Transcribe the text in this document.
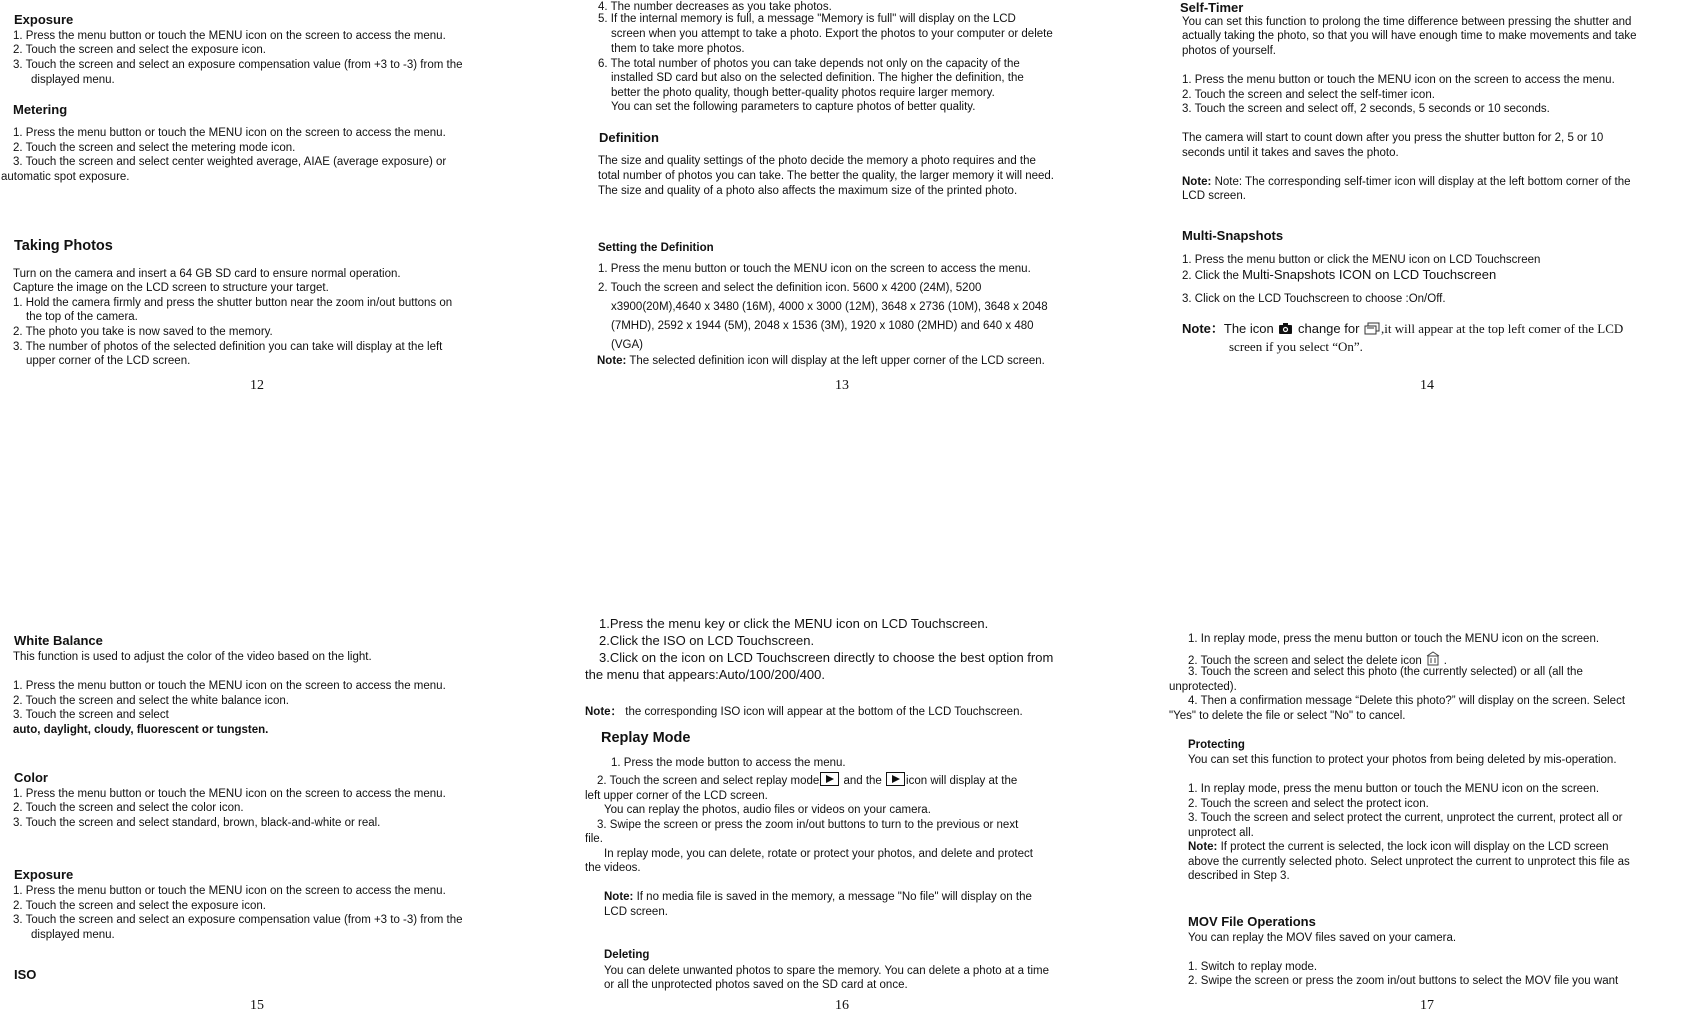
Exposure
1. Press the menu button or touch the MENU icon on the screen to access the menu.
2. Touch the screen and select the exposure icon.
3. Touch the screen and select an exposure compensation value (from +3 to -3) from the
displayed menu.
Metering
1. Press the menu button or touch the MENU icon on the screen to access the menu.
2. Touch the screen and select the metering mode icon.
3. Touch the screen and select center weighted average, AIAE (average exposure) or
automatic spot exposure.
Taking Photos
Turn on the camera and insert a 64 GB SD card to ensure normal operation.
Capture the image on the LCD screen to structure your target.
1. Hold the camera firmly and press the shutter button near the zoom in/out buttons on
the top of the camera.
2. The photo you take is now saved to the memory.
3. The number of photos of the selected definition you can take will display at the left
upper corner of the LCD screen.
12
4. The number decreases as you take photos.
5. If the internal memory is full, a message "Memory is full" will display on the LCD
screen when you attempt to take a photo. Export the photos to your computer or delete
them to take more photos.
6. The total number of photos you can take depends not only on the capacity of the
installed SD card but also on the selected definition. The higher the definition, the
better the photo quality, though better-quality photos require larger memory.
You can set the following parameters to capture photos of better quality.
Definition
The size and quality settings of the photo decide the memory a photo requires and the
total number of photos you can take. The better the quality, the larger memory it will need.
The size and quality of a photo also affects the maximum size of the printed photo.
Setting the Definition
1. Press the menu button or touch the MENU icon on the screen to access the menu.
2. Touch the screen and select the definition icon. 5600 x 4200 (24M), 5200
x3900(20M),4640 x 3480 (16M), 4000 x 3000 (12M), 3648 x 2736 (10M), 3648 x 2048
(7MHD), 2592 x 1944 (5M), 2048 x 1536 (3M), 1920 x 1080 (2MHD) and 640 x 480
(VGA)
Note: The selected definition icon will display at the left upper corner of the LCD screen.
13
Self-Timer
You can set this function to prolong the time difference between pressing the shutter and
actually taking the photo, so that you will have enough time to make movements and take
photos of yourself.
1. Press the menu button or touch the MENU icon on the screen to access the menu.
2. Touch the screen and select the self-timer icon.
3. Touch the screen and select off, 2 seconds, 5 seconds or 10 seconds.
The camera will start to count down after you press the shutter button for 2, 5 or 10
seconds until it takes and saves the photo.
Note: Note: The corresponding self-timer icon will display at the left bottom corner of the
LCD screen.
Multi-Snapshots
1. Press the menu button or click the MENU icon on LCD Touchscreen
2. Click the Multi-Snapshots ICON on LCD Touchscreen
3. Click on the LCD Touchscreen to choose :On/Off.
Note：The icon  change for ,it will appear at the top left comer of the LCD
screen if you select “On”.
14
White Balance
This function is used to adjust the color of the video based on the light.
1. Press the menu button or touch the MENU icon on the screen to access the menu.
2. Touch the screen and select the white balance icon.
3. Touch the screen and select
auto, daylight, cloudy, fluorescent or tungsten.
Color
1. Press the menu button or touch the MENU icon on the screen to access the menu.
2. Touch the screen and select the color icon.
3. Touch the screen and select standard, brown, black-and-white or real.
Exposure
1. Press the menu button or touch the MENU icon on the screen to access the menu.
2. Touch the screen and select the exposure icon.
3. Touch the screen and select an exposure compensation value (from +3 to -3) from the
displayed menu.
ISO
15
1.Press the menu key or click the MENU icon on LCD Touchscreen.
2.Click the ISO on LCD Touchscreen.
3.Click on the icon on LCD Touchscreen directly to choose the best option from
the menu that appears:Auto/100/200/400.
Note： the corresponding ISO icon will appear at the bottom of the LCD Touchscreen.
Replay Mode
1. Press the mode button to access the menu.
2. Touch the screen and select replay mode and the icon will display at the
left upper corner of the LCD screen.
You can replay the photos, audio files or videos on your camera.
3. Swipe the screen or press the zoom in/out buttons to turn to the previous or next
file.
In replay mode, you can delete, rotate or protect your photos, and delete and protect
the videos.
Note: If no media file is saved in the memory, a message "No file" will display on the
LCD screen.
Deleting
You can delete unwanted photos to spare the memory. You can delete a photo at a time
or all the unprotected photos saved on the SD card at once.
16
1. In replay mode, press the menu button or touch the MENU icon on the screen.
2. Touch the screen and select the delete icon .
3. Touch the screen and select this photo (the currently selected) or all (all the
unprotected).
4. Then a confirmation message “Delete this photo?” will display on the screen. Select
"Yes" to delete the file or select "No" to cancel.
Protecting
You can set this function to protect your photos from being deleted by mis-operation.
1. In replay mode, press the menu button or touch the MENU icon on the screen.
2. Touch the screen and select the protect icon.
3. Touch the screen and select protect the current, unprotect the current, protect all or
unprotect all.
Note: If protect the current is selected, the lock icon will display on the LCD screen
above the currently selected photo. Select unprotect the current to unprotect this file as
described in Step 3.
MOV File Operations
You can replay the MOV files saved on your camera.
1. Switch to replay mode.
2. Swipe the screen or press the zoom in/out buttons to select the MOV file you want
17
